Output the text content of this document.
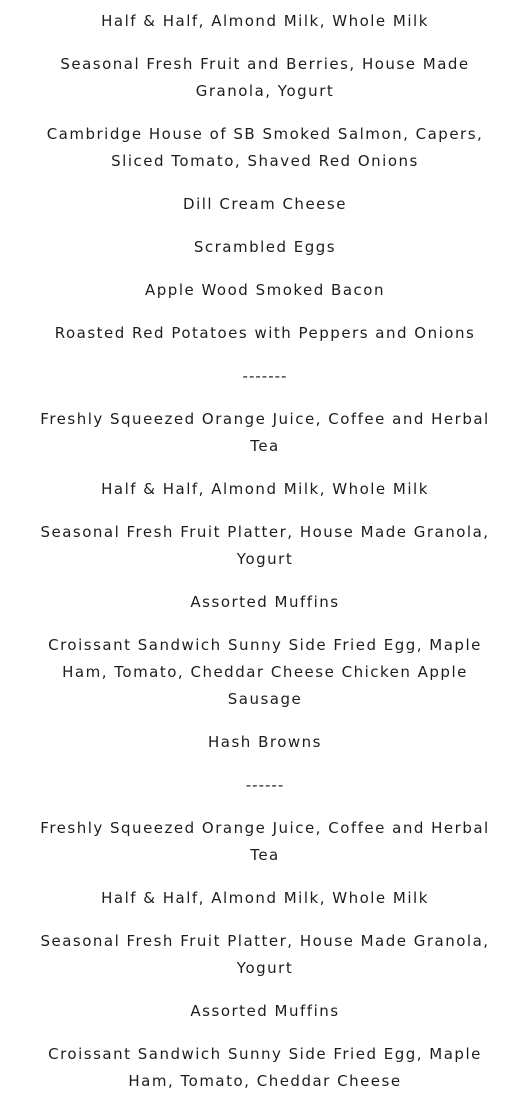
Half & Half, Almond Milk, Whole Milk
Seasonal Fresh Fruit and Berries, House Made Granola, Yogurt
Cambridge House of SB Smoked Salmon, Capers, Sliced Tomato, Shaved Red Onions
Dill Cream Cheese
Scrambled Eggs
Apple Wood Smoked Bacon
Roasted Red Potatoes with Peppers and Onions
-------
Freshly Squeezed Orange Juice, Coffee and Herbal Tea
Half & Half, Almond Milk, Whole Milk
Seasonal Fresh Fruit Platter, House Made Granola, Yogurt
Assorted Muffins
Croissant Sandwich Sunny Side Fried Egg, Maple Ham, Tomato, Cheddar Cheese Chicken Apple Sausage
Hash Browns
------
Freshly Squeezed Orange Juice, Coffee and Herbal Tea
Half & Half, Almond Milk, Whole Milk
Seasonal Fresh Fruit Platter, House Made Granola, Yogurt
Assorted Muffins
Croissant Sandwich Sunny Side Fried Egg, Maple Ham, Tomato, Cheddar Cheese
